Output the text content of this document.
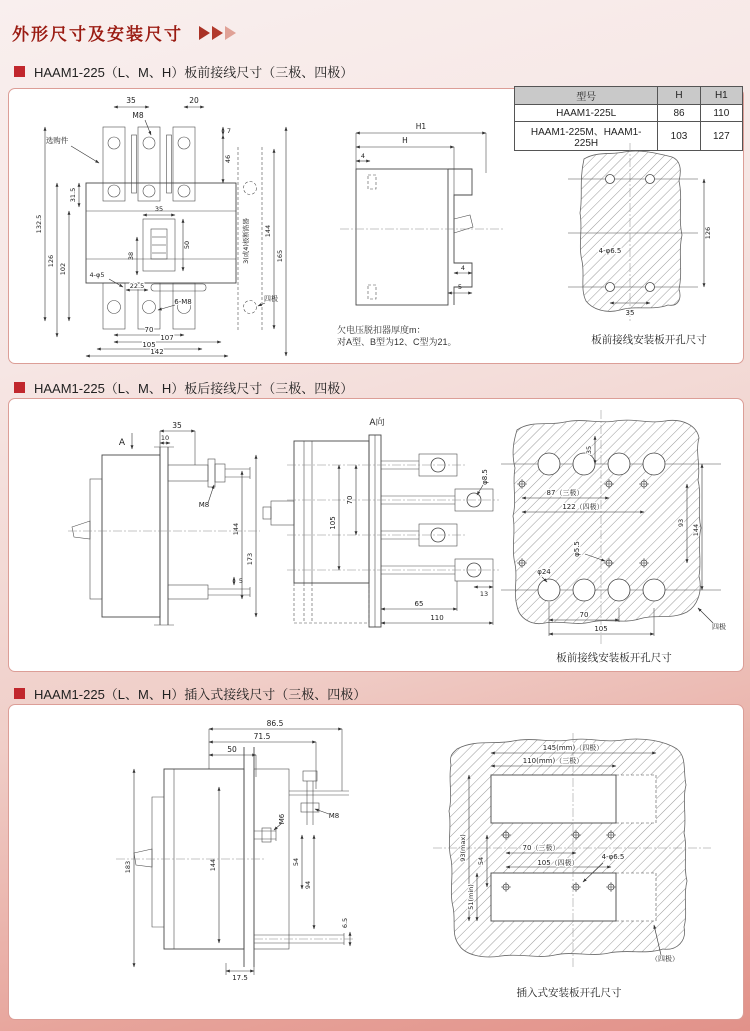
外形尺寸及安装尺寸
HAAM1-225（L、M、H）板前接线尺寸（三极、四极）
型号	H	H1
HAAM1-225L	86	110
HAAM1-225M、HAAM1-225H	103	127
35	20
M8
7
46
选购件
132.5
126
102
31.5
35
50
38
4-φ5
22.5
6-M8	四极
70
107
105
142
144
165
3(或4)极断路器
H1
H
4
4
5
欠电压脱扣器厚度m：
对A型、B型为12、C型为21。
126
35
4-φ6.5
板前接线安装板开孔尺寸
HAAM1-225（L、M、H）板后接线尺寸（三极、四极）
35
10
A
M8
5
144
173
A向
70
105
φ8.5
13
65
110
35
87（三极）
122（四极）
93
144
φ5.5
φ24
70
105	四极
板前接线安装板开孔尺寸
HAAM1-225（L、M、H）插入式接线尺寸（三极、四极）
86.5
71.5
50
M8
M6
54
94
183	144
6.5
17.5
145(mm)（四极）
110(mm)（三极）
70（三极）
105（四极）
93(max) 54
51(min)
4-φ6.5
（四极）
插入式安装板开孔尺寸
